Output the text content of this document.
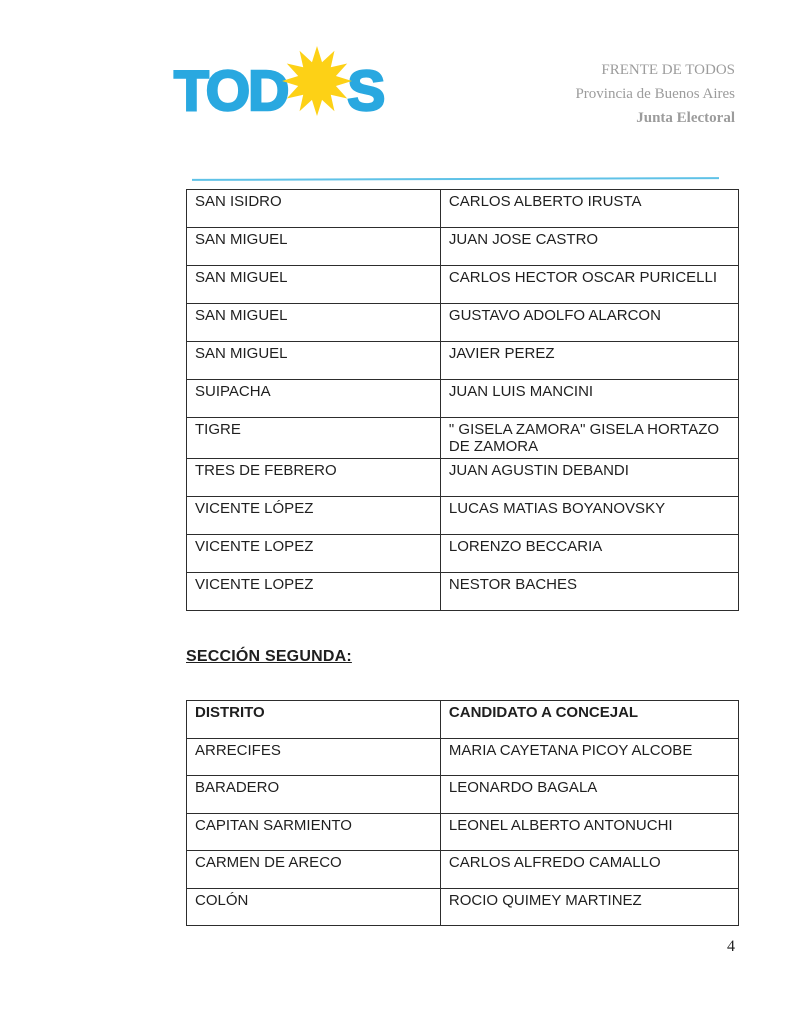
TOD S	FRENTE DE TODOS
Provincia de Buenos Aires
Junta Electoral
SAN ISIDRO	CARLOS ALBERTO IRUSTA
SAN MIGUEL	JUAN JOSE CASTRO
SAN MIGUEL	CARLOS HECTOR OSCAR PURICELLI
SAN MIGUEL	GUSTAVO ADOLFO ALARCON
SAN MIGUEL	JAVIER PEREZ
SUIPACHA	JUAN LUIS MANCINI
TIGRE	" GISELA ZAMORA" GISELA HORTAZO DE ZAMORA
TRES DE FEBRERO	JUAN AGUSTIN DEBANDI
VICENTE LÓPEZ	LUCAS MATIAS BOYANOVSKY
VICENTE LOPEZ	LORENZO BECCARIA
VICENTE LOPEZ	NESTOR BACHES
SECCIÓN SEGUNDA:
DISTRITO	CANDIDATO A CONCEJAL
ARRECIFES	MARIA CAYETANA PICOY ALCOBE
BARADERO	LEONARDO BAGALA
CAPITAN SARMIENTO	LEONEL ALBERTO ANTONUCHI
CARMEN DE ARECO	CARLOS ALFREDO CAMALLO
COLÓN	ROCIO QUIMEY MARTINEZ
4
